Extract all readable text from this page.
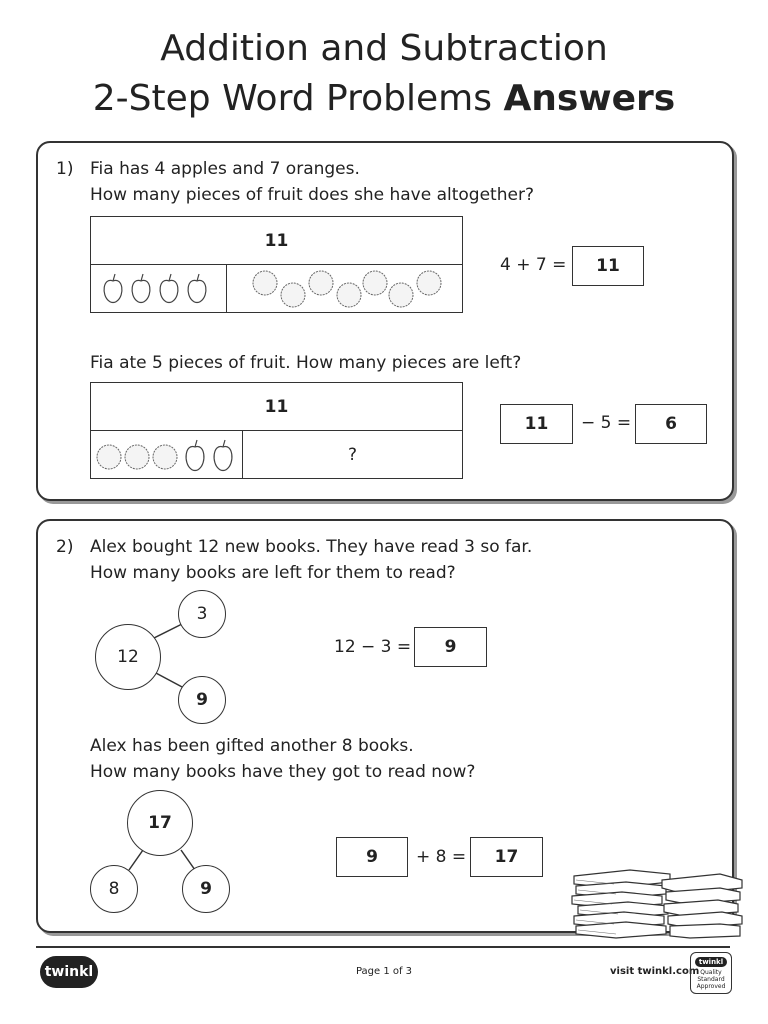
Addition and Subtraction
2-Step Word Problems Answers
1) Fia has 4 apples and 7 oranges.
How many pieces of fruit does she have altogether?
11
4 + 7 =	11
Fia ate 5 pieces of fruit. How many pieces are left?
11
?
11	− 5 =	6
2) Alex bought 12 new books. They have read 3 so far.
How many books are left for them to read?
12
3
9
12 − 3 =	9
Alex has been gifted another 8 books.
How many books have they got to read now?
17
8	9
9	+ 8 =	17
twinkl	Page 1 of 3	visit twinkl.com
twinkl
Quality Standard Approved
